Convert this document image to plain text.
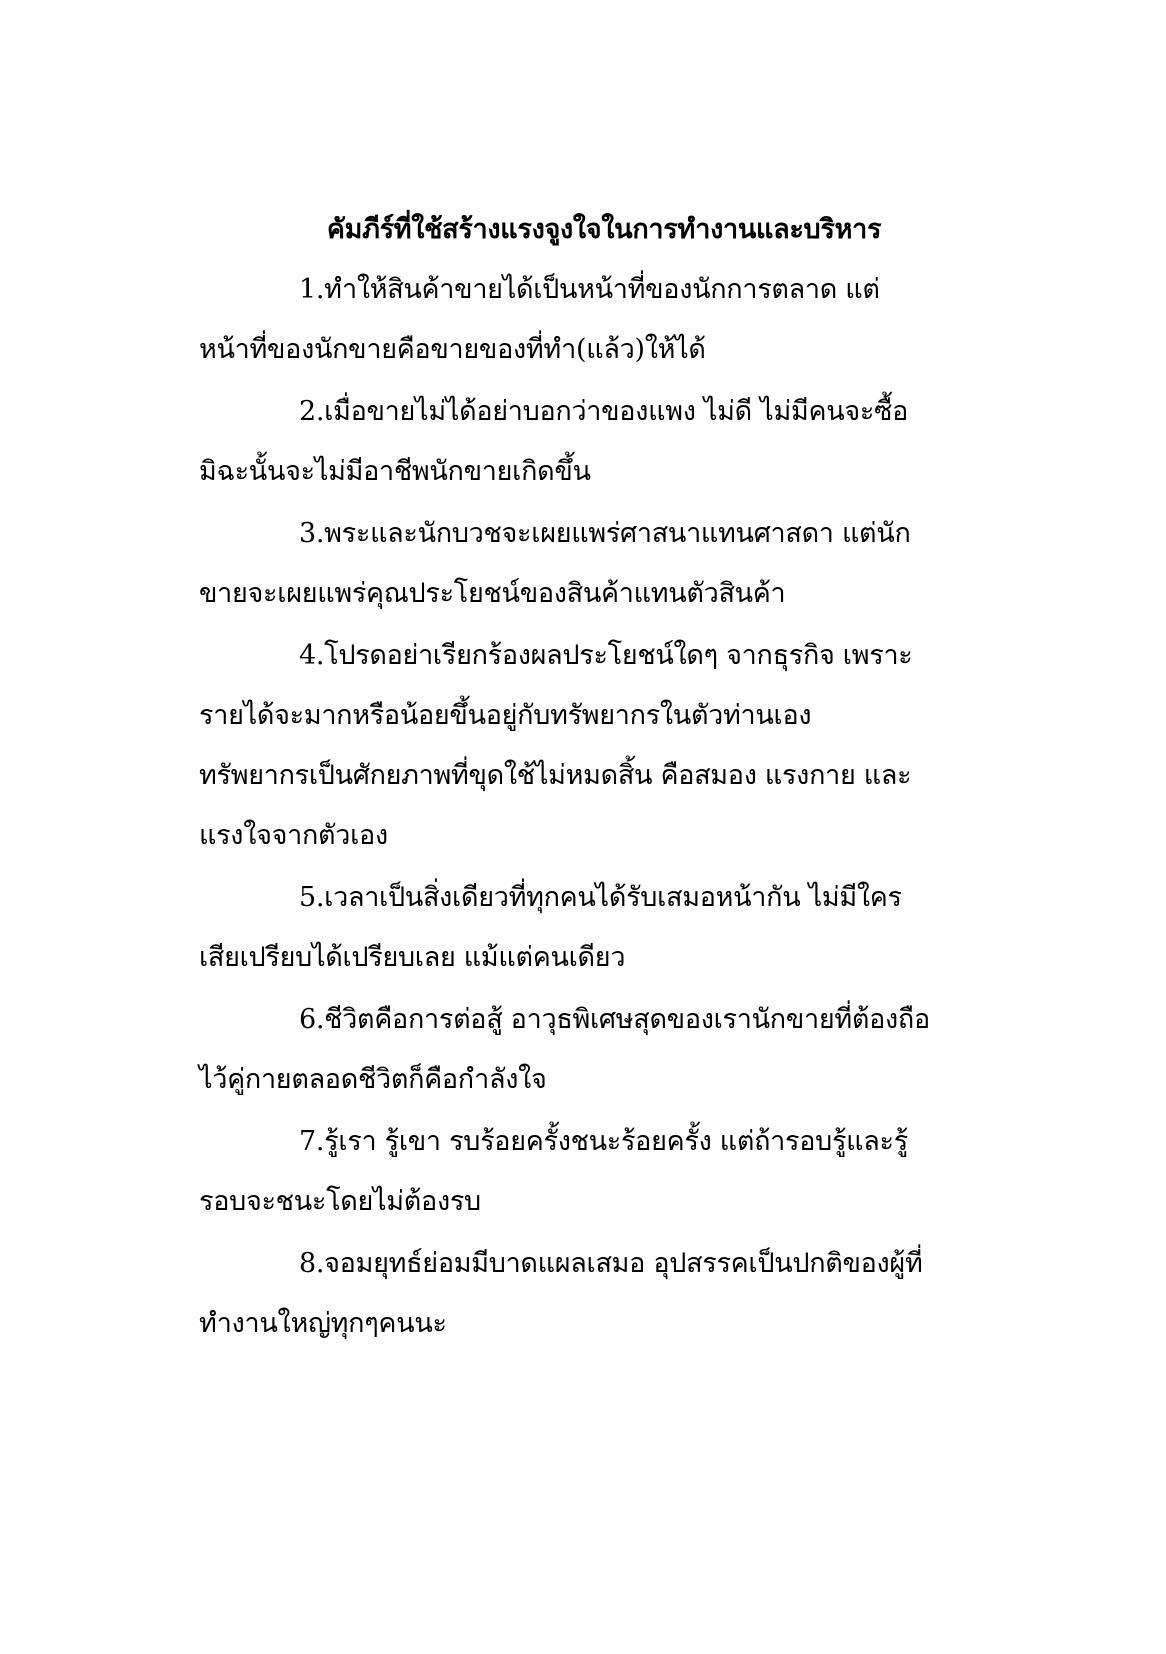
คัมภีร์ที่ใช้สร้างแรงจูงใจในการทำงานและบริหาร
1.ทำให้สินค้าขายได้เป็นหน้าที่ของนักการตลาด แต่
หน้าที่ของนักขายคือขายของที่ทำ(แล้ว)ให้ได้
2.เมื่อขายไม่ได้อย่าบอกว่าของแพง ไม่ดี ไม่มีคนจะซื้อ
มิฉะนั้นจะไม่มีอาชีพนักขายเกิดขึ้น
3.พระและนักบวชจะเผยแพร่ศาสนาแทนศาสดา แต่นัก
ขายจะเผยแพร่คุณประโยชน์ของสินค้าแทนตัวสินค้า
4.โปรดอย่าเรียกร้องผลประโยชน์ใดๆ จากธุรกิจ เพราะ
รายได้จะมากหรือน้อยขึ้นอยู่กับทรัพยากรในตัวท่านเอง
ทรัพยากรเป็นศักยภาพที่ขุดใช้ไม่หมดสิ้น คือสมอง แรงกาย และ
แรงใจจากตัวเอง
5.เวลาเป็นสิ่งเดียวที่ทุกคนได้รับเสมอหน้ากัน ไม่มีใคร
เสียเปรียบได้เปรียบเลย แม้แต่คนเดียว
6.ชีวิตคือการต่อสู้ อาวุธพิเศษสุดของเรานักขายที่ต้องถือ
ไว้คู่กายตลอดชีวิตก็คือกำลังใจ
7.รู้เรา รู้เขา รบร้อยครั้งชนะร้อยครั้ง แต่ถ้ารอบรู้และรู้
รอบจะชนะโดยไม่ต้องรบ
8.จอมยุทธ์ย่อมมีบาดแผลเสมอ อุปสรรคเป็นปกติของผู้ที่
ทำงานใหญ่ทุกๆคนนะ
